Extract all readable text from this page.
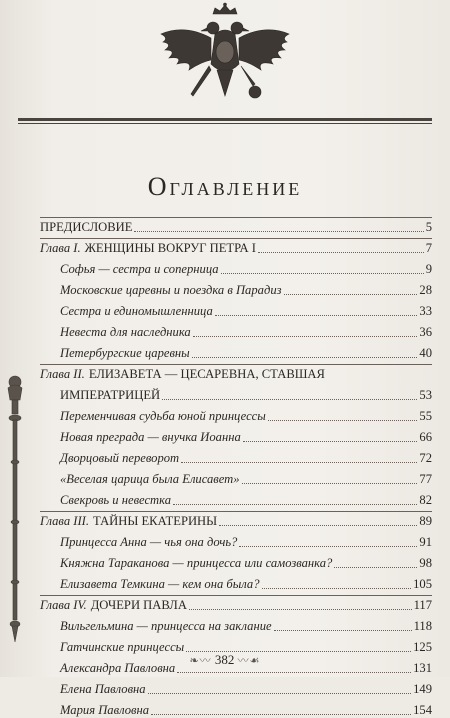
Оглавление
ПРЕДИСЛОВИЕ	5
Глава I. ЖЕНЩИНЫ ВОКРУГ ПЕТРА I	7
Софья — сестра и соперница	9
Московские царевны и поездка в Парадиз	28
Сестра и единомышленница	33
Невеста для наследника	36
Петербургские царевны	40
Глава II. ЕЛИЗАВЕТА — ЦЕСАРЕВНА, СТАВШАЯ
ИМПЕРАТРИЦЕЙ	53
Переменчивая судьба юной принцессы	55
Новая преграда — внучка Иоанна	66
Дворцовый переворот	72
«Веселая царица была Елисавет»	77
Свекровь и невестка	82
Глава III. ТАЙНЫ ЕКАТЕРИНЫ	89
Принцесса Анна — чья она дочь?	91
Княжна Тараканова — принцесса или самозванка?	98
Елизавета Темкина — кем она была?	105
Глава IV. ДОЧЕРИ ПАВЛА	117
Вильгельмина — принцесса на заклание	118
Гатчинские принцессы	125
Александра Павловна	131
Елена Павловна	149
Мария Павловна	154
❧〰 382 〰☙
